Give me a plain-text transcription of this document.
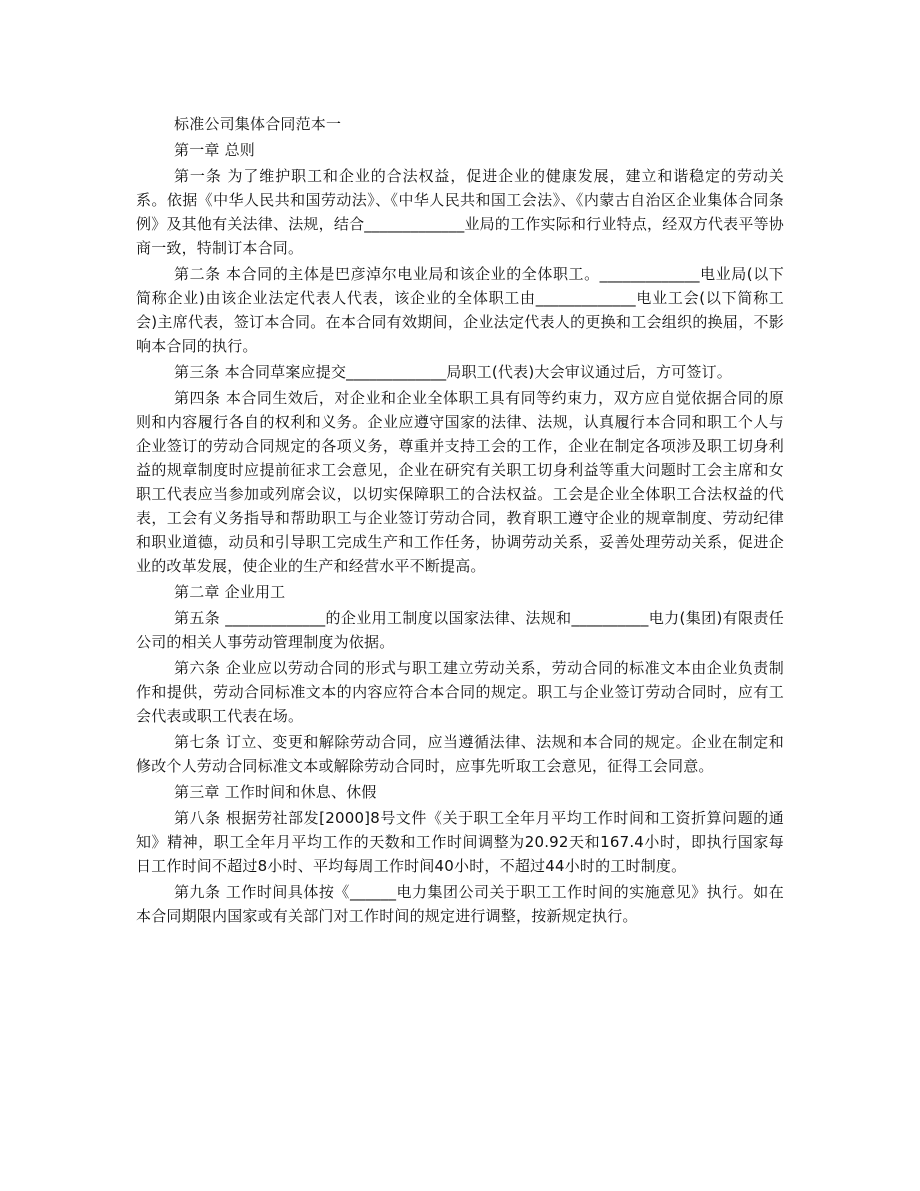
标准公司集体合同范本一

第一章 总则

第一条 为了维护职工和企业的合法权益，促进企业的健康发展，建立和谐稳定的劳动关系。依据《中华人民共和国劳动法》、《中华人民共和国工会法》、《内蒙古自治区企业集体合同条例》及其他有关法律、法规，结合_____________业局的工作实际和行业特点，经双方代表平等协商一致，特制订本合同。

第二条 本合同的主体是巴彦淖尔电业局和该企业的全体职工。_____________电业局(以下简称企业)由该企业法定代表人代表，该企业的全体职工由_____________电业工会(以下简称工会)主席代表，签订本合同。在本合同有效期间，企业法定代表人的更换和工会组织的换届，不影响本合同的执行。

第三条 本合同草案应提交_____________局职工(代表)大会审议通过后，方可签订。

第四条 本合同生效后，对企业和企业全体职工具有同等约束力，双方应自觉依据合同的原则和内容履行各自的权利和义务。企业应遵守国家的法律、法规，认真履行本合同和职工个人与企业签订的劳动合同规定的各项义务，尊重并支持工会的工作，企业在制定各项涉及职工切身利益的规章制度时应提前征求工会意见，企业在研究有关职工切身利益等重大问题时工会主席和女职工代表应当参加或列席会议，以切实保障职工的合法权益。工会是企业全体职工合法权益的代表，工会有义务指导和帮助职工与企业签订劳动合同，教育职工遵守企业的规章制度、劳动纪律和职业道德，动员和引导职工完成生产和工作任务，协调劳动关系，妥善处理劳动关系，促进企业的改革发展，使企业的生产和经营水平不断提高。

第二章 企业用工

第五条 _____________的企业用工制度以国家法律、法规和__________电力(集团)有限责任公司的相关人事劳动管理制度为依据。

第六条 企业应以劳动合同的形式与职工建立劳动关系，劳动合同的标准文本由企业负责制作和提供，劳动合同标准文本的内容应符合本合同的规定。职工与企业签订劳动合同时，应有工会代表或职工代表在场。

第七条 订立、变更和解除劳动合同，应当遵循法律、法规和本合同的规定。企业在制定和修改个人劳动合同标准文本或解除劳动合同时，应事先听取工会意见，征得工会同意。

第三章 工作时间和休息、休假

第八条 根据劳社部发[2000]8号文件《关于职工全年月平均工作时间和工资折算问题的通知》精神，职工全年月平均工作的天数和工作时间调整为20.92天和167.4小时，即执行国家每日工作时间不超过8小时、平均每周工作时间40小时，不超过44小时的工时制度。

第九条 工作时间具体按《______电力集团公司关于职工工作时间的实施意见》执行。如在本合同期限内国家或有关部门对工作时间的规定进行调整，按新规定执行。
